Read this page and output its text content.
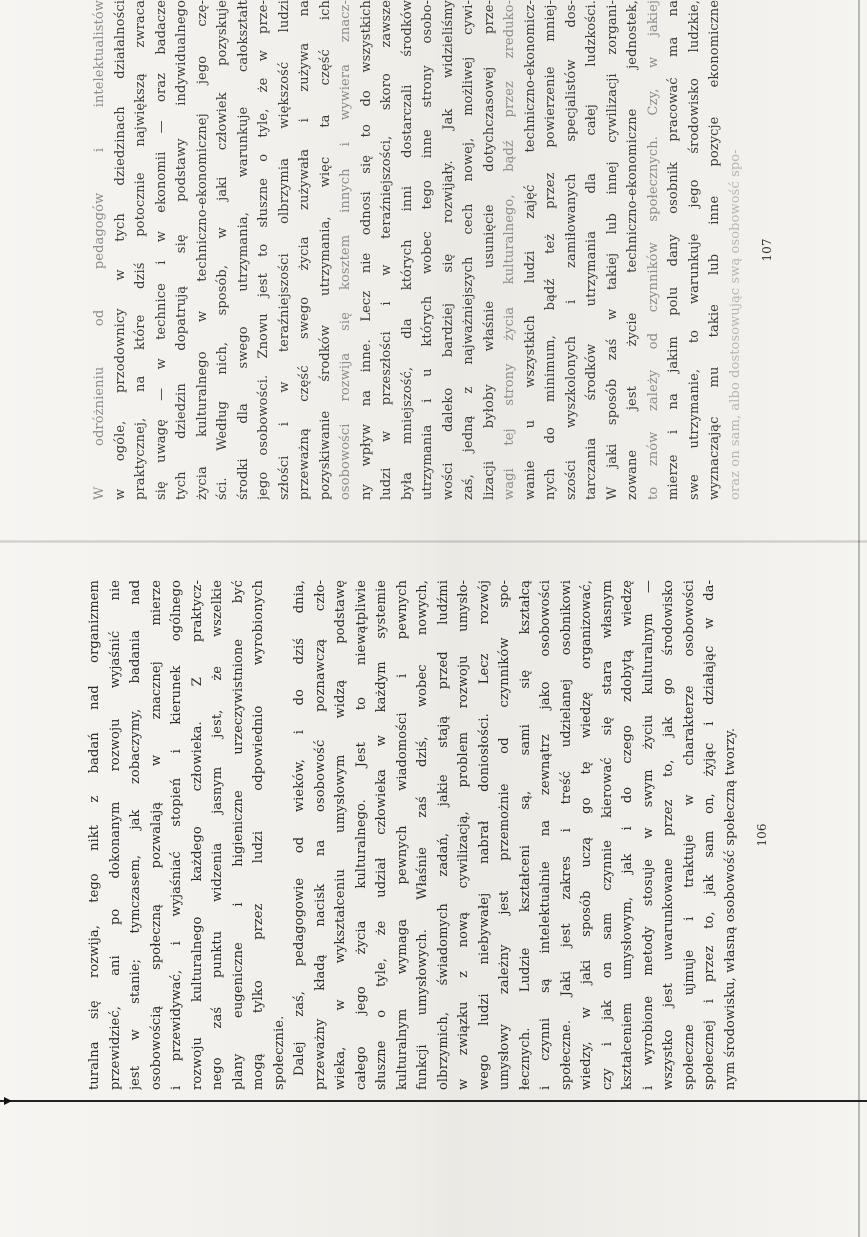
W odróżnieniu od pedagogów i intelektualistów w ogóle, przodownicy w tych dziedzinach działalności praktycznej, na które dziś potocznie największą zwraca się uwagę — w technice i w ekonomii — oraz badacze tych dziedzin dopatrują się podstawy indywidualnego życia kulturalnego w techniczno-ekonomicznej jego czę- ści. Według nich, sposób, w jaki człowiek pozyskuje środki dla swego utrzymania, warunkuje całokształt jego osobowości. Znowu jest to słuszne o tyle, że w prze- szłości i w teraźniejszości olbrzymia większość ludzi przeważną część swego życia zużywała i zużywa na pozyskiwanie środków utrzymania, więc ta część ich osobowości rozwija się kosztem innych i wywiera znacz- ny wpływ na inne. Lecz nie odnosi się to do wszystkich ludzi w przeszłości i w teraźniejszości, skoro zawsze była mniejszość, dla których inni dostarczali środków utrzymania i u których wobec tego inne strony osobo- wości daleko bardziej się rozwijały. Jak widzieliśmy zaś, jedną z najważniejszych cech nowej, możliwej cywi- lizacji byłoby właśnie usunięcie dotychczasowej prze- wagi tej strony życia kulturalnego, bądź przez zreduko- wanie u wszystkich ludzi zajęć techniczno-ekonomicz- nych do minimum, bądź też przez powierzenie mniej- szości wyszkolonych i zamiłowanych specjalistów dos- tarczania środków utrzymania dla całej ludzkości. W jaki sposób zaś w takiej lub innej cywilizacji zorgani- zowane jest życie techniczno-ekonomiczne jednostek, to znów zależy od czynników społecznych. Czy, w jakiej mierze i na jakim polu dany osobnik pracować ma na swe utrzymanie, to warunkuje jego środowisko ludzkie, wyznaczając mu takie lub inne pozycje ekonomiczne oraz on sam, albo dostosowując swą osobowość spo- 107
turalna się rozwija, tego nikt z badań nad organizmem przewidzieć, ani po dokonanym rozwoju wyjaśnić nie jest w stanie; tymczasem, jak zobaczymy, badania nad osobowością społeczną pozwalają w znacznej mierze i przewidywać, i wyjaśniać stopień i kierunek ogólnego rozwoju kulturalnego każdego człowieka. Z praktycz- nego zaś punktu widzenia jasnym jest, że wszelkie plany eugeniczne i higieniczne urzeczywistnione być mogą tylko przez ludzi odpowiednio wyrobionych społecznie. Dalej zaś, pedagogowie od wieków, i do dziś dnia, przeważny kładą nacisk na osobowość poznawczą czło- wieka, w wykształceniu umysłowym widzą podstawę całego jego życia kulturalnego. Jest to niewątpliwie słuszne o tyle, że udział człowieka w każdym systemie kulturalnym wymaga pewnych wiadomości i pewnych funkcji umysłowych. Właśnie zaś dziś, wobec nowych, olbrzymich, świadomych zadań, jakie stają przed ludźmi w związku z nową cywilizacją, problem rozwoju umysło- wego ludzi niebywałej nabrał doniosłości. Lecz rozwój umysłowy zależny jest przemożnie od czynników spo- łecznych. Ludzie kształceni są, sami się kształcą i czynni są intelektualnie na zewnątrz jako osobowości społeczne. Jaki jest zakres i treść udzielanej osobnikowi wiedzy, w jaki sposób uczą go tę wiedzę organizować, czy i jak on sam czynnie kierować się stara własnym kształceniem umysłowym, jak i do czego zdobytą wiedzę i wyrobione metody stosuje w swym życiu kulturalnym — wszystko jest uwarunkowane przez to, jak go środowisko społeczne ujmuje i traktuje w charakterze osobowości społecznej i przez to, jak sam on, żyjąc i działając w da- nym środowisku, własną osobowość społeczną tworzy. 106
